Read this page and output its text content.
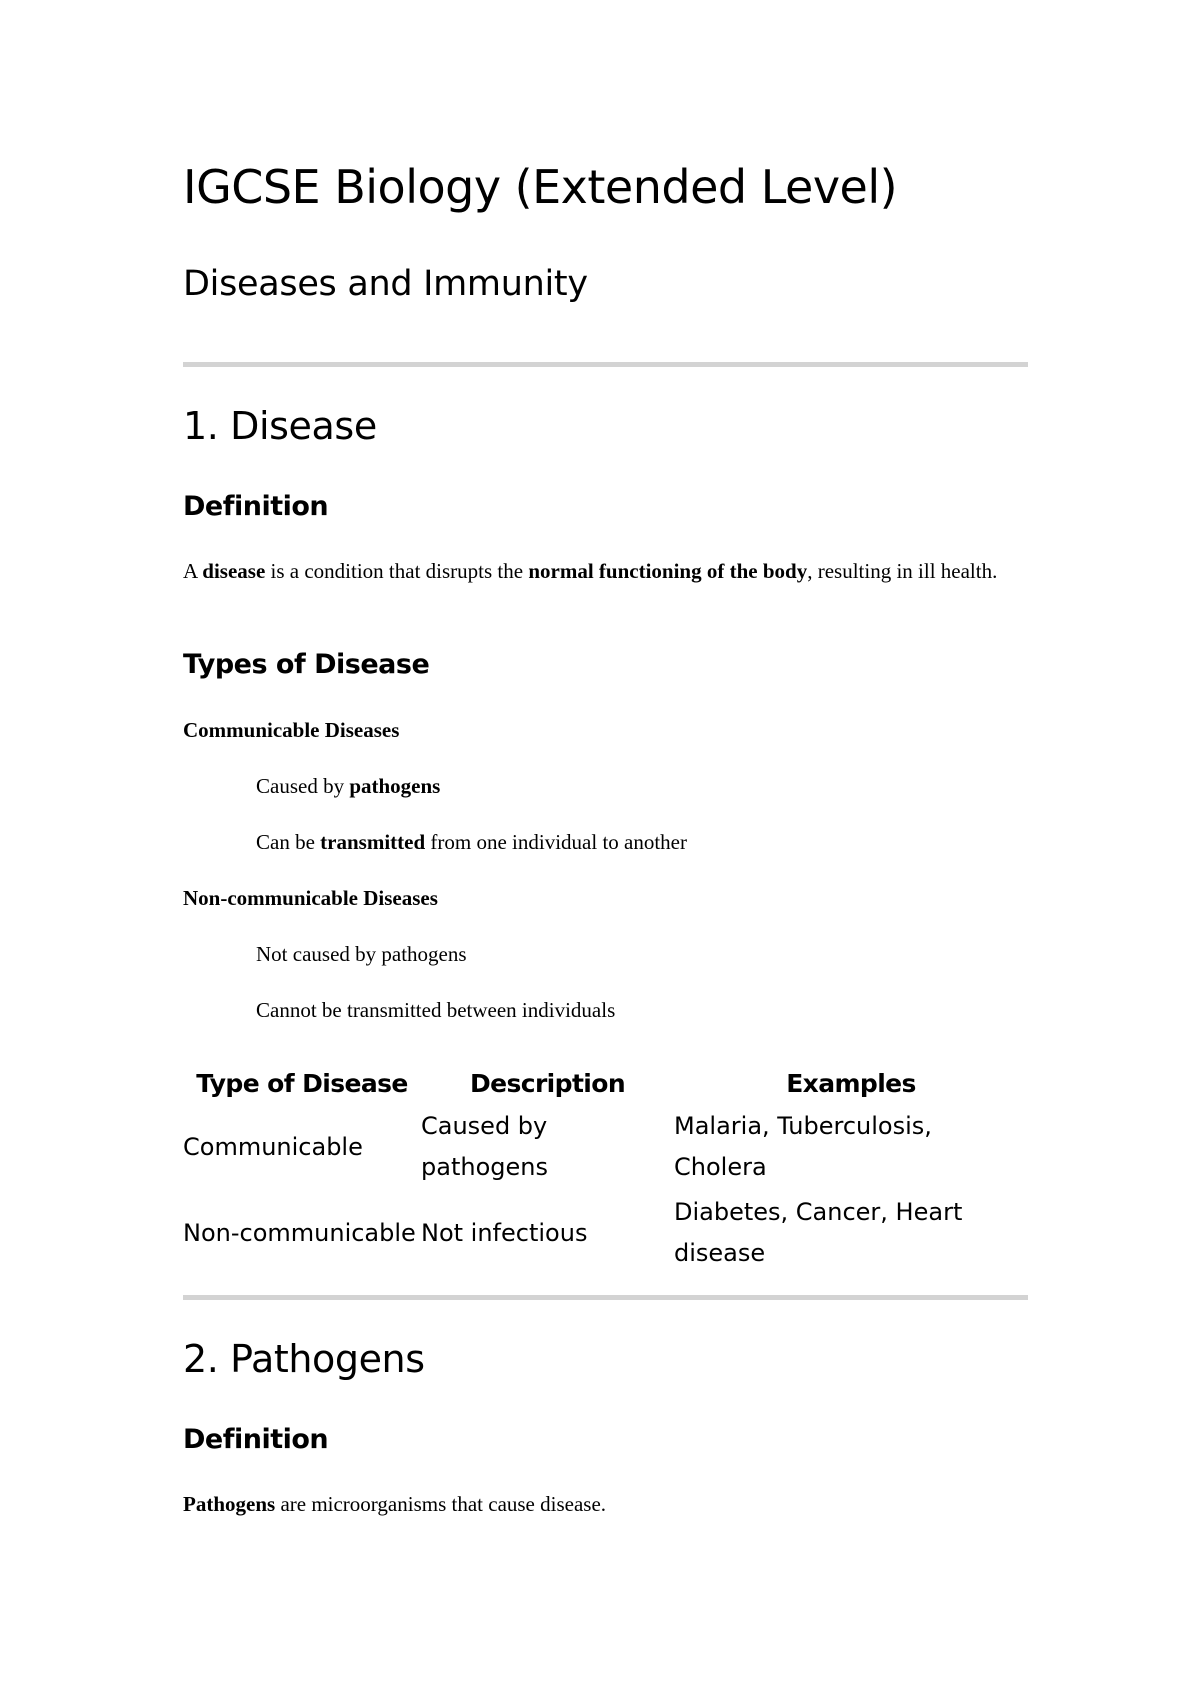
IGCSE Biology (Extended Level)
Diseases and Immunity
1. Disease
Definition

A disease is a condition that disrupts the normal functioning of the body, resulting in ill health.

Types of Disease
Communicable Diseases

Caused by pathogens

Can be transmitted from one individual to another

Non-communicable Diseases

Not caused by pathogens

Cannot be transmitted between individuals

Type of Disease	Description	Examples
Communicable	Caused by pathogens	Malaria, Tuberculosis, Cholera
Non-communicable	Not infectious	Diabetes, Cancer, Heart disease
2. Pathogens
Definition

Pathogens are microorganisms that cause disease.
